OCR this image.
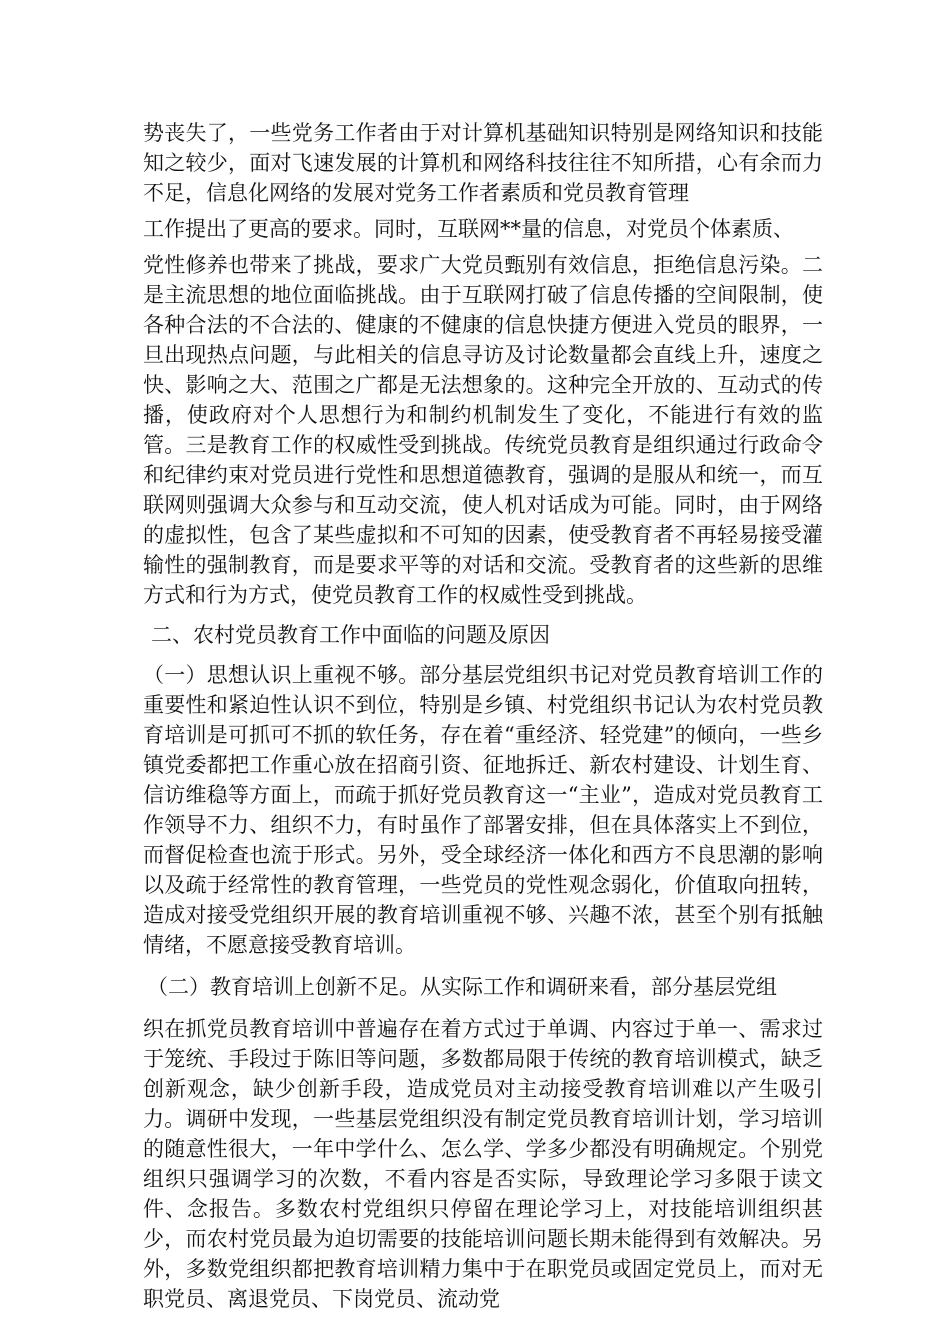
势丧失了，一些党务工作者由于对计算机基础知识特别是网络知识和技能知之较少，面对飞速发展的计算机和网络科技往往不知所措，心有余而力不足，信息化网络的发展对党务工作者素质和党员教育管理

工作提出了更高的要求。同时，互联网**量的信息，对党员个体素质、

党性修养也带来了挑战，要求广大党员甄别有效信息，拒绝信息污染。二是主流思想的地位面临挑战。由于互联网打破了信息传播的空间限制，使各种合法的不合法的、健康的不健康的信息快捷方便进入党员的眼界，一旦出现热点问题，与此相关的信息寻访及讨论数量都会直线上升，速度之快、影响之大、范围之广都是无法想象的。这种完全开放的、互动式的传播，使政府对个人思想行为和制约机制发生了变化，不能进行有效的监管。三是教育工作的权威性受到挑战。传统党员教育是组织通过行政命令和纪律约束对党员进行党性和思想道德教育，强调的是服从和统一，而互联网则强调大众参与和互动交流，使人机对话成为可能。同时，由于网络的虚拟性，包含了某些虚拟和不可知的因素，使受教育者不再轻易接受灌输性的强制教育，而是要求平等的对话和交流。受教育者的这些新的思维方式和行为方式，使党员教育工作的权威性受到挑战。

二、农村党员教育工作中面临的问题及原因

（一）思想认识上重视不够。部分基层党组织书记对党员教育培训工作的重要性和紧迫性认识不到位，特别是乡镇、村党组织书记认为农村党员教育培训是可抓可不抓的软任务，存在着“重经济、轻党建”的倾向，一些乡镇党委都把工作重心放在招商引资、征地拆迁、新农村建设、计划生育、信访维稳等方面上，而疏于抓好党员教育这一“主业”，造成对党员教育工作领导不力、组织不力，有时虽作了部署安排，但在具体落实上不到位，而督促检查也流于形式。另外，受全球经济一体化和西方不良思潮的影响以及疏于经常性的教育管理，一些党员的党性观念弱化，价值取向扭转，造成对接受党组织开展的教育培训重视不够、兴趣不浓，甚至个别有抵触情绪，不愿意接受教育培训。

（二）教育培训上创新不足。从实际工作和调研来看，部分基层党组

织在抓党员教育培训中普遍存在着方式过于单调、内容过于单一、需求过于笼统、手段过于陈旧等问题，多数都局限于传统的教育培训模式，缺乏创新观念，缺少创新手段，造成党员对主动接受教育培训难以产生吸引力。调研中发现，一些基层党组织没有制定党员教育培训计划，学习培训的随意性很大，一年中学什么、怎么学、学多少都没有明确规定。个别党组织只强调学习的次数，不看内容是否实际，导致理论学习多限于读文件、念报告。多数农村党组织只停留在理论学习上，对技能培训组织甚少，而农村党员最为迫切需要的技能培训问题长期未能得到有效解决。另外，多数党组织都把教育培训精力集中于在职党员或固定党员上，而对无职党员、离退党员、下岗党员、流动党
